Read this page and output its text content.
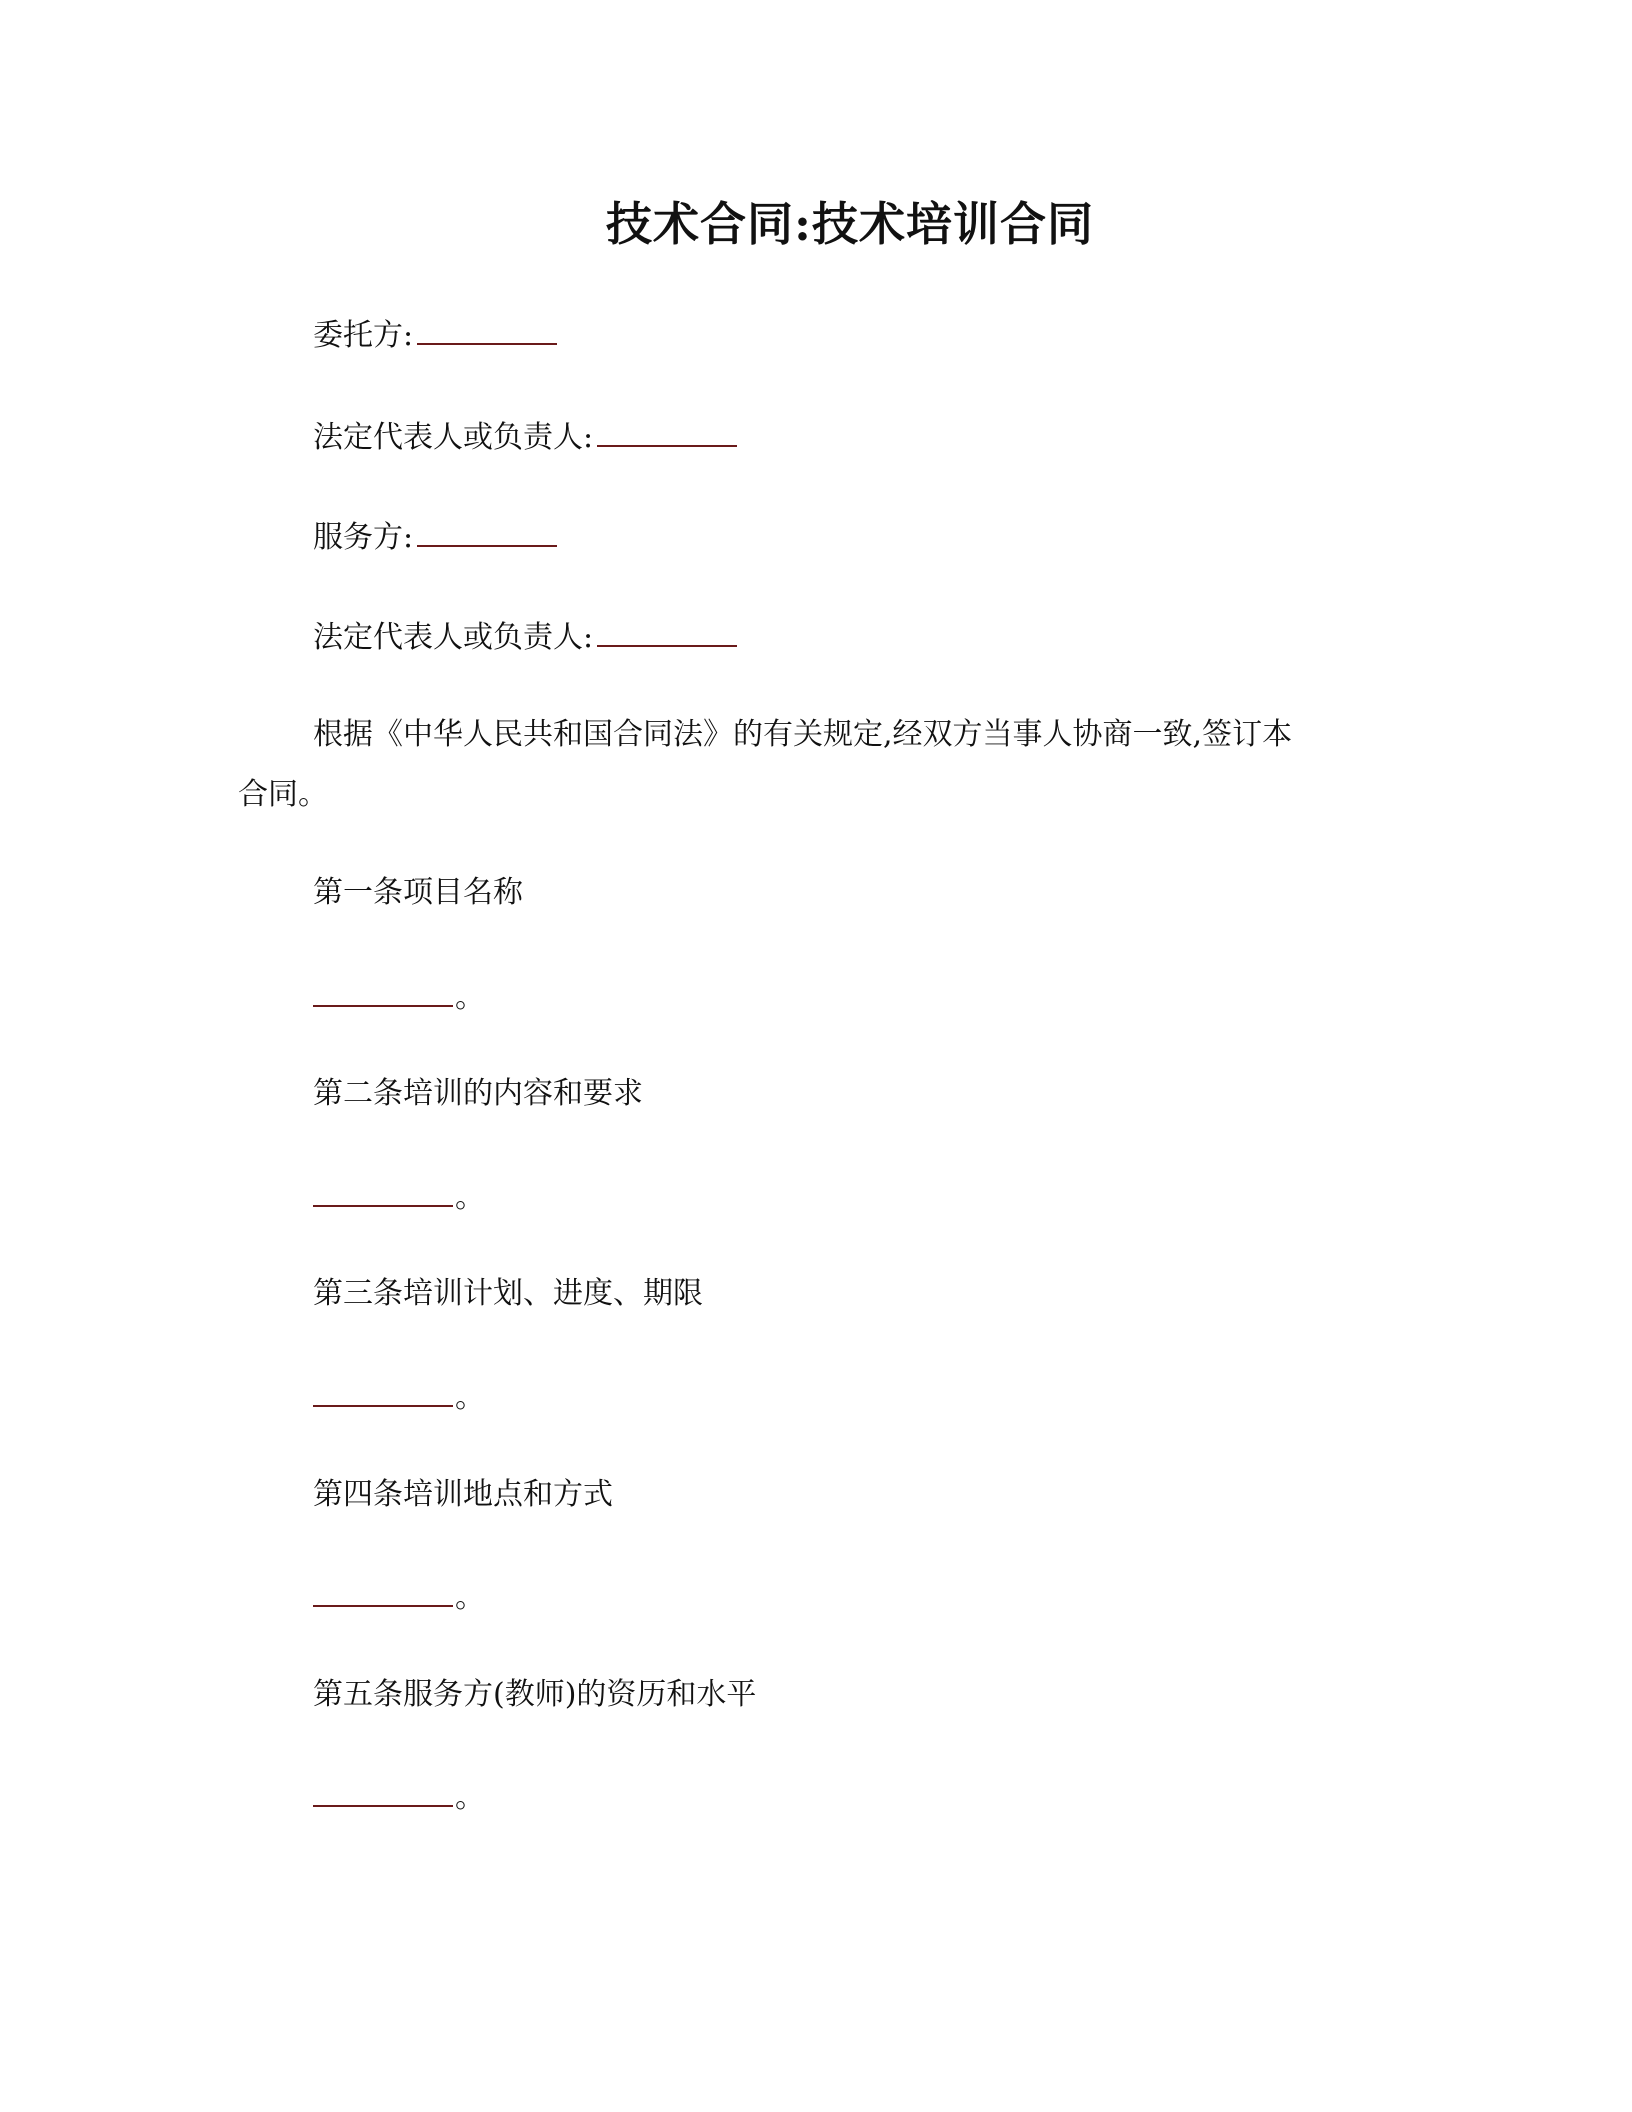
技术合同:技术培训合同
委托方:
法定代表人或负责人:
服务方:
法定代表人或负责人:
根据《中华人民共和国合同法》的有关规定,经双方当事人协商一致,签订本
合同。
第一条项目名称
。
第二条培训的内容和要求
。
第三条培训计划、进度、期限
。
第四条培训地点和方式
。
第五条服务方(教师)的资历和水平
。
